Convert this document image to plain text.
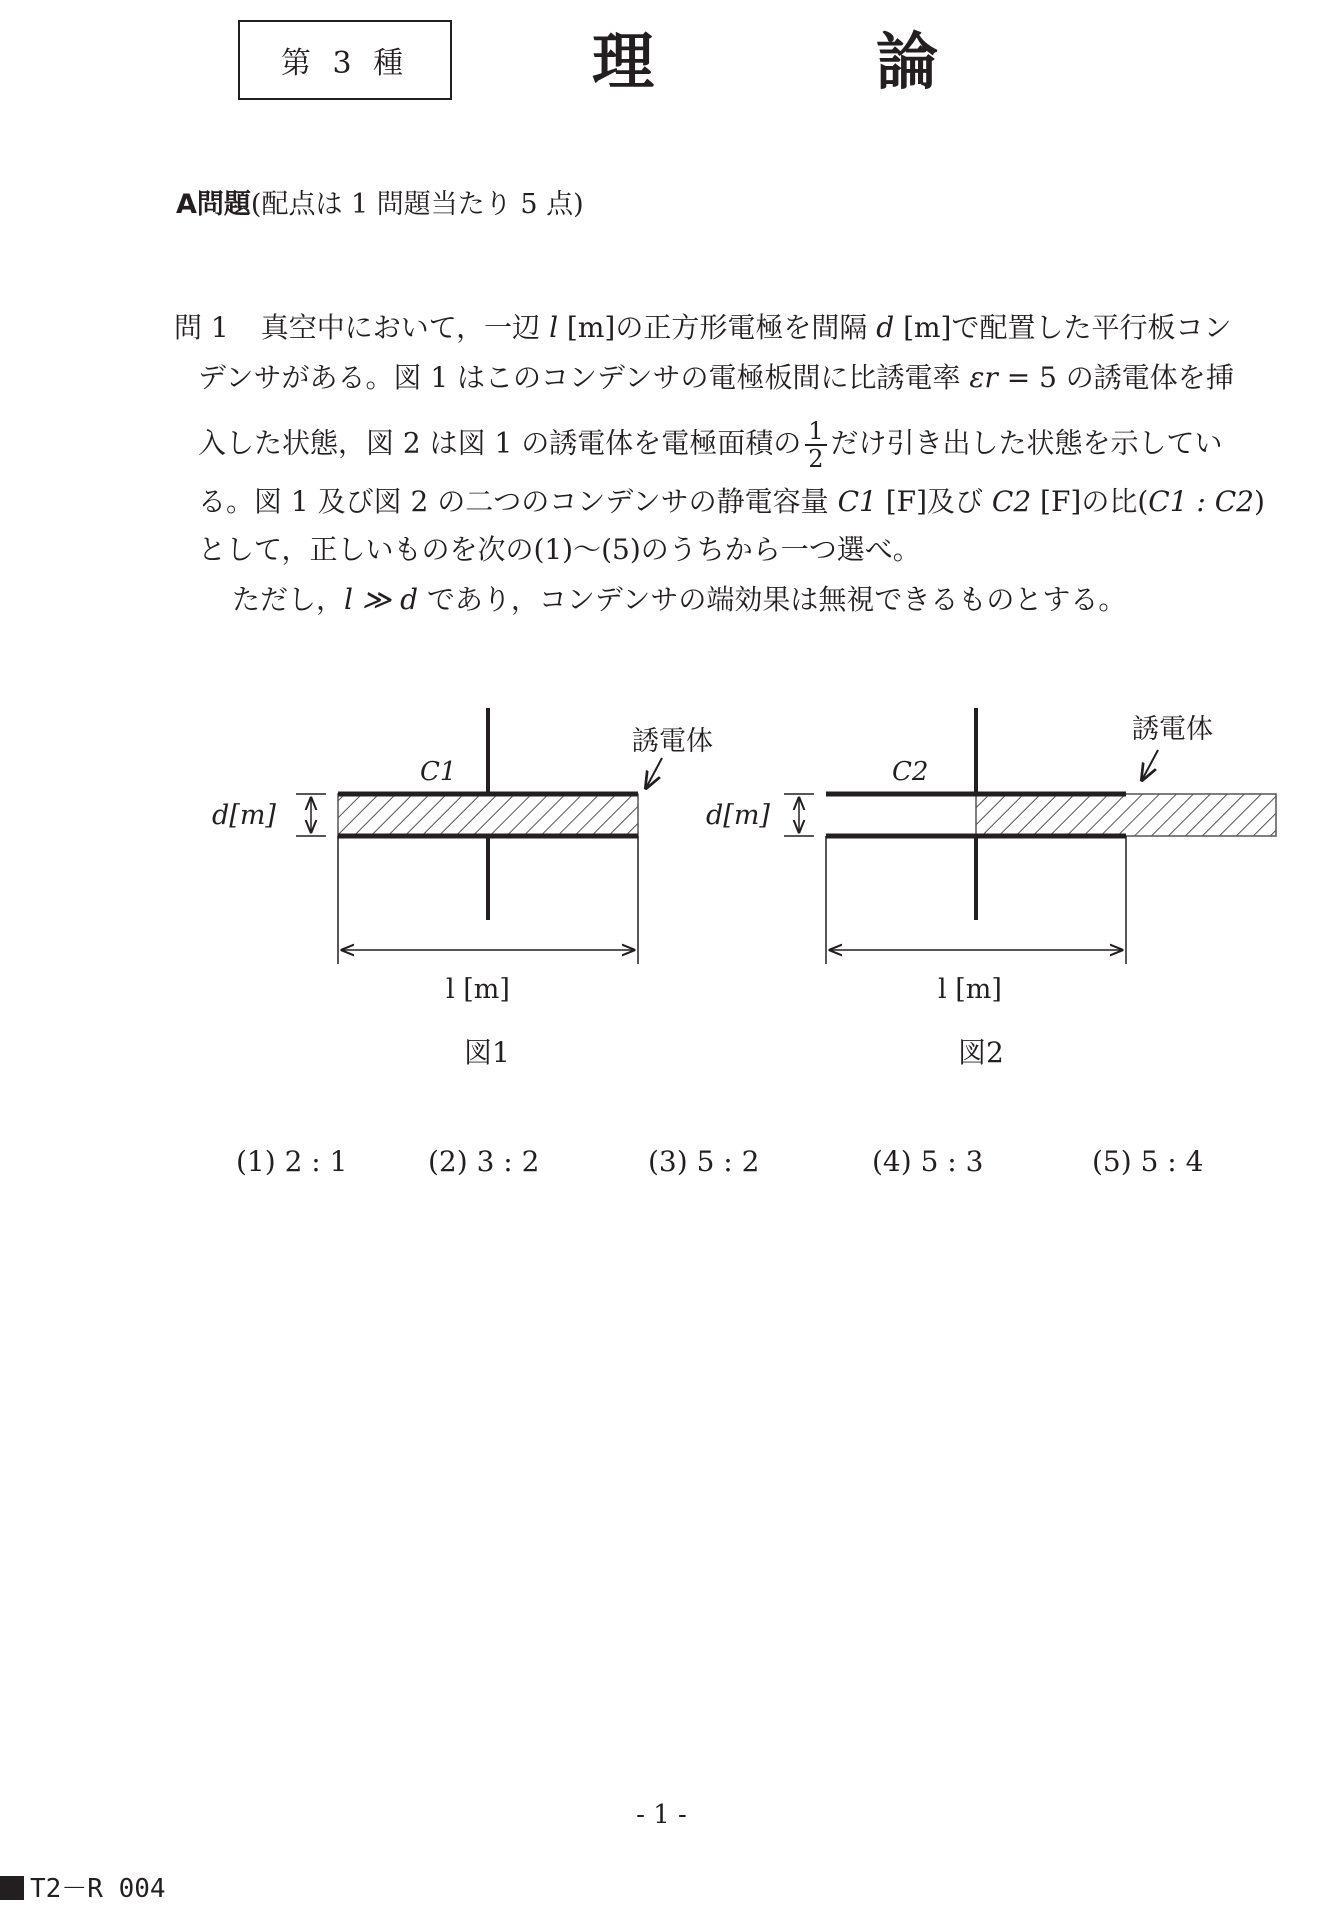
第 3 種	理	論
A問題(配点は 1 問題当たり 5 点)
問 1 真空中において，一辺 l [m]の正方形電極を間隔 d [m]で配置した平行板コン
デンサがある。図 1 はこのコンデンサの電極板間に比誘電率 εr = 5 の誘電体を挿
入した状態，図 2 は図 1 の誘電体を電極面積の $\frac{1}{2}$ だけ引き出した状態を示してい
る。図 1 及び図 2 の二つのコンデンサの静電容量 C1 [F]及び C2 [F]の比(C1 : C2)
として，正しいものを次の(1)～(5)のうちから一つ選べ。
ただし，l ≫ d であり，コンデンサの端効果は無視できるものとする。
C1
誘電体
d[m]
l [m]
図1
C2
誘電体
d[m]
l [m]
図2
(1) 2 : 1	(2) 3 : 2	(3) 5 : 2	(4) 5 : 3	(5) 5 : 4
- 1 -
T2－R 004
